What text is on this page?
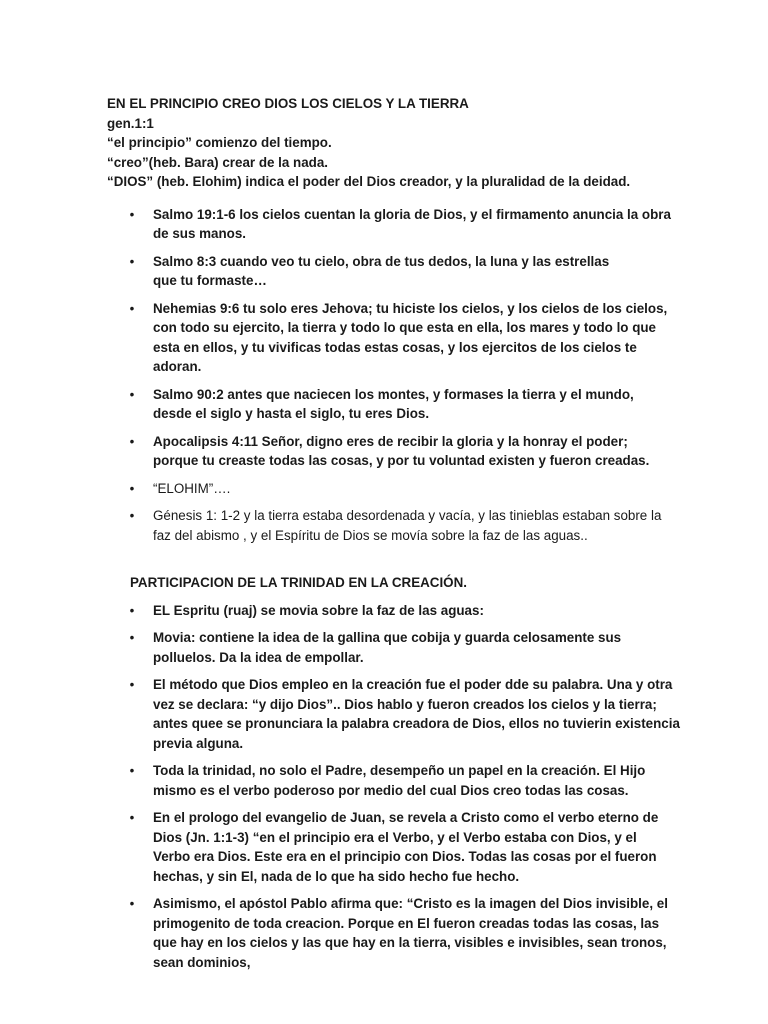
EN EL PRINCIPIO CREO DIOS LOS CIELOS Y LA TIERRA
gen.1:1
“el principio” comienzo del tiempo.
“creo”(heb. Bara) crear de la nada.
“DIOS” (heb. Elohim) indica el poder del Dios creador, y la pluralidad de la deidad.
• Salmo 19:1-6 los cielos cuentan la gloria de Dios, y el firmamento anuncia la obra de sus manos.
• Salmo 8:3 cuando veo tu cielo, obra de tus dedos, la luna y las estrellas que tu formaste…
• Nehemias 9:6 tu solo eres Jehova; tu hiciste los cielos, y los cielos de los cielos, con todo su ejercito, la tierra y todo lo que esta en ella, los mares y todo lo que esta en ellos, y tu vivificas todas estas cosas, y los ejercitos de los cielos te adoran.
• Salmo 90:2 antes que naciecen los montes, y formases la tierra y el mundo, desde el siglo y hasta el siglo, tu eres Dios.
• Apocalipsis 4:11 Señor, digno eres de recibir la gloria y la honray el poder; porque tu creaste todas las cosas, y por tu voluntad existen y fueron creadas.
• “ELOHIM”….
• Génesis 1: 1-2 y la tierra estaba desordenada y vacía, y las tinieblas estaban sobre la faz del abismo , y el Espíritu de Dios se movía sobre la faz de las aguas..
PARTICIPACION DE LA TRINIDAD EN LA CREACIÓN.
• EL Espritu (ruaj) se movia sobre la faz de las aguas:
• Movia: contiene la idea de la gallina que cobija y guarda celosamente sus polluelos. Da la idea de empollar.
• El método que Dios empleo en la creación fue el poder dde su palabra. Una y otra vez se declara: “y dijo Dios”.. Dios hablo y fueron creados los cielos y la tierra; antes quee se pronunciara la palabra creadora de Dios, ellos no tuvierin existencia previa alguna.
• Toda la trinidad, no solo el Padre, desempeño un papel en la creación. El Hijo mismo es el verbo poderoso por medio del cual Dios creo todas las cosas.
• En el prologo del evangelio de Juan, se revela a Cristo como el verbo eterno de Dios (Jn. 1:1-3) “en el principio era el Verbo, y el Verbo estaba con Dios, y el Verbo era Dios. Este era en el principio con Dios. Todas las cosas por el fueron hechas, y sin El, nada de lo que ha sido hecho fue hecho.
• Asimismo, el apóstol Pablo afirma que: “Cristo es la imagen del Dios invisible, el primogenito de toda creacion. Porque en El fueron creadas todas las cosas, las que hay en los cielos y las que hay en la tierra, visibles e invisibles, sean tronos, sean dominios,
